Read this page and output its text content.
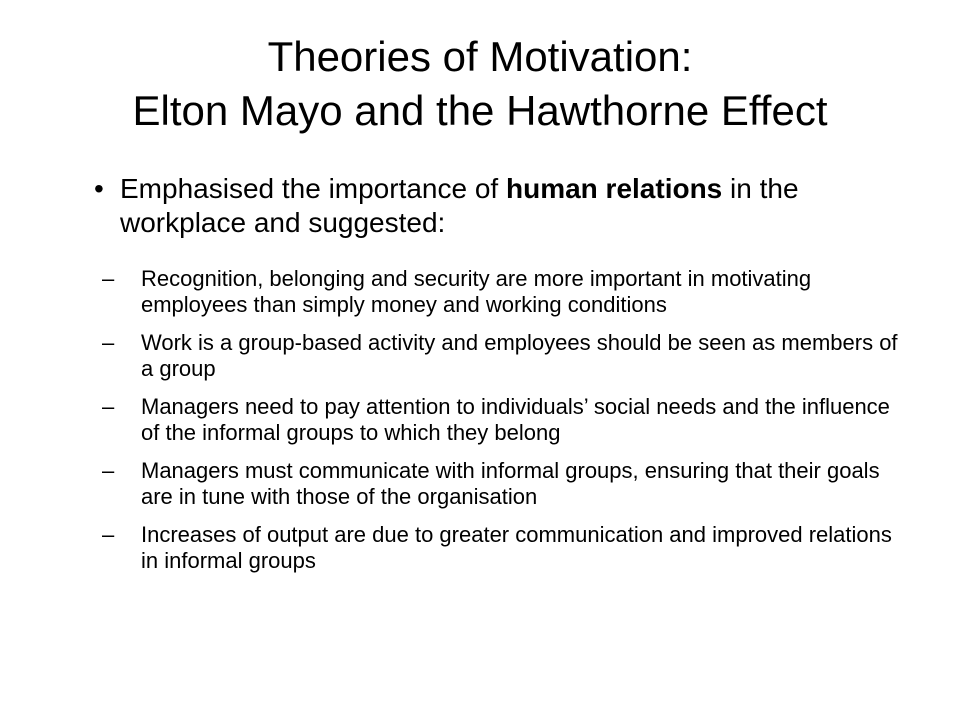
Theories of Motivation:
Elton Mayo and the Hawthorne Effect
• Emphasised the importance of human relations in the workplace and suggested:
– Recognition, belonging and security are more important in motivating employees than simply money and working conditions
– Work is a group-based activity and employees should be seen as members of a group
– Managers need to pay attention to individuals’ social needs and the influence of the informal groups to which they belong
– Managers must communicate with informal groups, ensuring that their goals are in tune with those of the organisation
– Increases of output are due to greater communication and improved relations in informal groups
